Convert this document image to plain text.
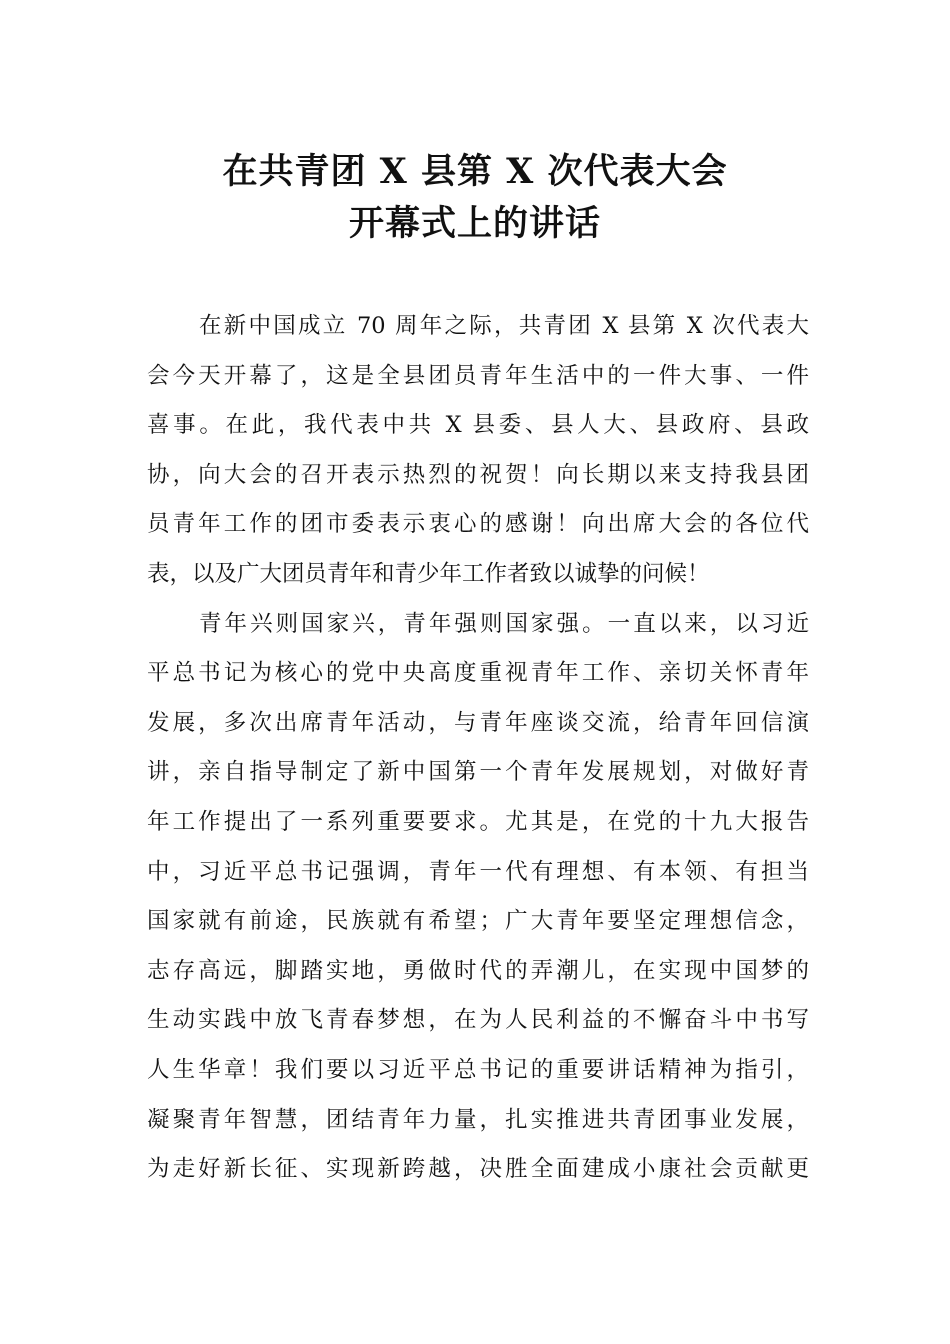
在共青团 X 县第 X 次代表大会
开幕式上的讲话
在新中国成立 70 周年之际，共青团 X 县第 X 次代表大
会今天开幕了，这是全县团员青年生活中的一件大事、一件
喜事。在此，我代表中共 X 县委、县人大、县政府、县政
协，向大会的召开表示热烈的祝贺！向长期以来支持我县团
员青年工作的团市委表示衷心的感谢！向出席大会的各位代
表，以及广大团员青年和青少年工作者致以诚挚的问候！
青年兴则国家兴，青年强则国家强。一直以来，以习近
平总书记为核心的党中央高度重视青年工作、亲切关怀青年
发展，多次出席青年活动，与青年座谈交流，给青年回信演
讲，亲自指导制定了新中国第一个青年发展规划，对做好青
年工作提出了一系列重要要求。尤其是，在党的十九大报告
中，习近平总书记强调，青年一代有理想、有本领、有担当
国家就有前途，民族就有希望；广大青年要坚定理想信念，
志存高远，脚踏实地，勇做时代的弄潮儿，在实现中国梦的
生动实践中放飞青春梦想，在为人民利益的不懈奋斗中书写
人生华章！我们要以习近平总书记的重要讲话精神为指引，
凝聚青年智慧，团结青年力量，扎实推进共青团事业发展，
为走好新长征、实现新跨越，决胜全面建成小康社会贡献更
